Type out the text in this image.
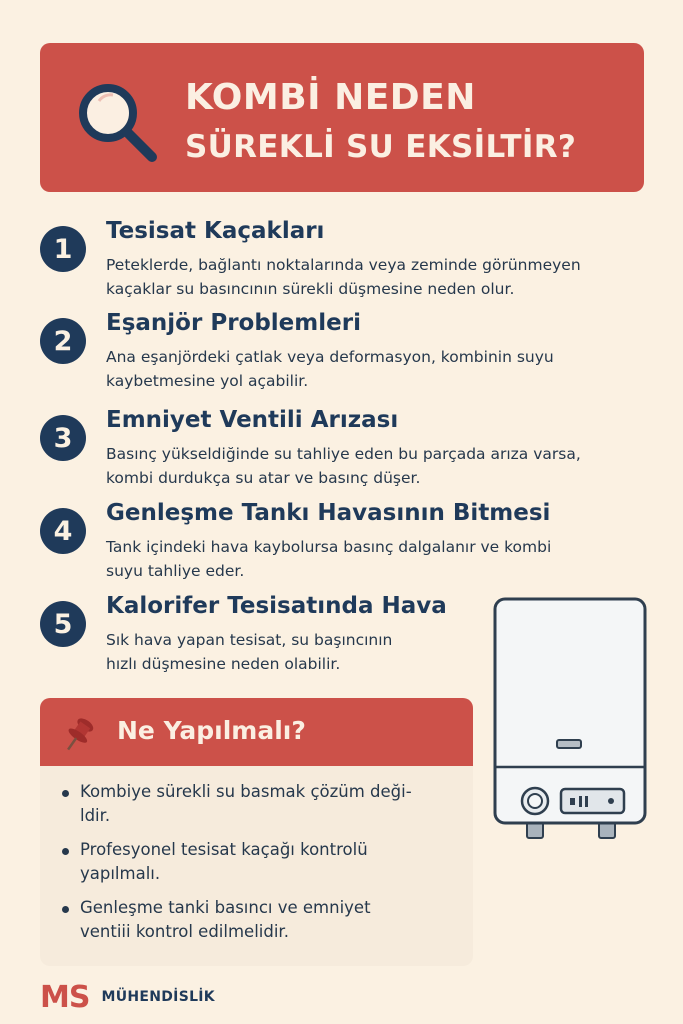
KOMBİ NEDEN
SÜREKLİ SU EKSİLTİR?
1
Tesisat Kaçakları
Peteklerde, bağlantı noktalarında veya zeminde görünmeyen
kaçaklar su basıncının sürekli düşmesine neden olur.
2
Eşanjör Problemleri
Ana eşanjördeki çatlak veya deformasyon, kombinin suyu
kaybetmesine yol açabilir.
3
Emniyet Ventili Arızası
Basınç yükseldiğinde su tahliye eden bu parçada arıza varsa,
kombi durdukça su atar ve basınç düşer.
4
Genleşme Tankı Havasının Bitmesi
Tank içindeki hava kaybolursa basınç dalgalanır ve kombi
suyu tahliye eder.
5
Kalorifer Tesisatında Hava
Sık hava yapan tesisat, su başıncının
hızlı düşmesine neden olabilir.
Ne Yapılmalı?
Kombiye sürekli su basmak çözüm deği-
ldir.
Profesyonel tesisat kaçağı kontrolü
yapılmalı.
Genleşme tanki basıncı ve emniyet
ventiii kontrol edilmelidir.
MS MÜHENDİSLİK
